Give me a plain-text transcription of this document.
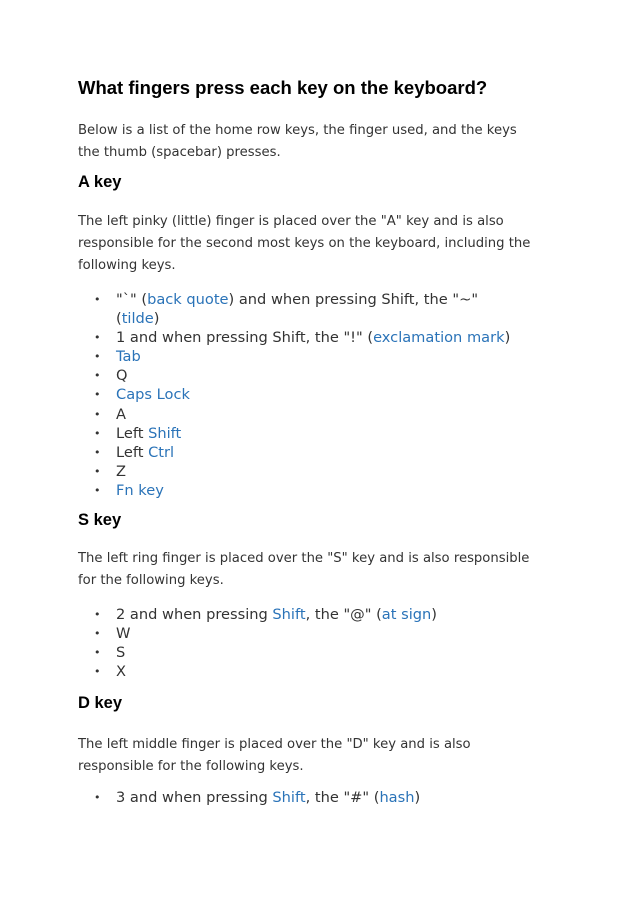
What fingers press each key on the keyboard?

Below is a list of the home row keys, the finger used, and the keys
the thumb (spacebar) presses.

A key

The left pinky (little) finger is placed over the "A" key and is also
responsible for the second most keys on the keyboard, including the
following keys.

• "`" (back quote) and when pressing Shift, the "~"
(tilde)
• 1 and when pressing Shift, the "!" (exclamation mark)
• Tab
• Q
• Caps Lock
• A
• Left Shift
• Left Ctrl
• Z
• Fn key
S key

The left ring finger is placed over the "S" key and is also responsible
for the following keys.

• 2 and when pressing Shift, the "@" (at sign)
• W
• S
• X
D key

The left middle finger is placed over the "D" key and is also
responsible for the following keys.

• 3 and when pressing Shift, the "#" (hash)
